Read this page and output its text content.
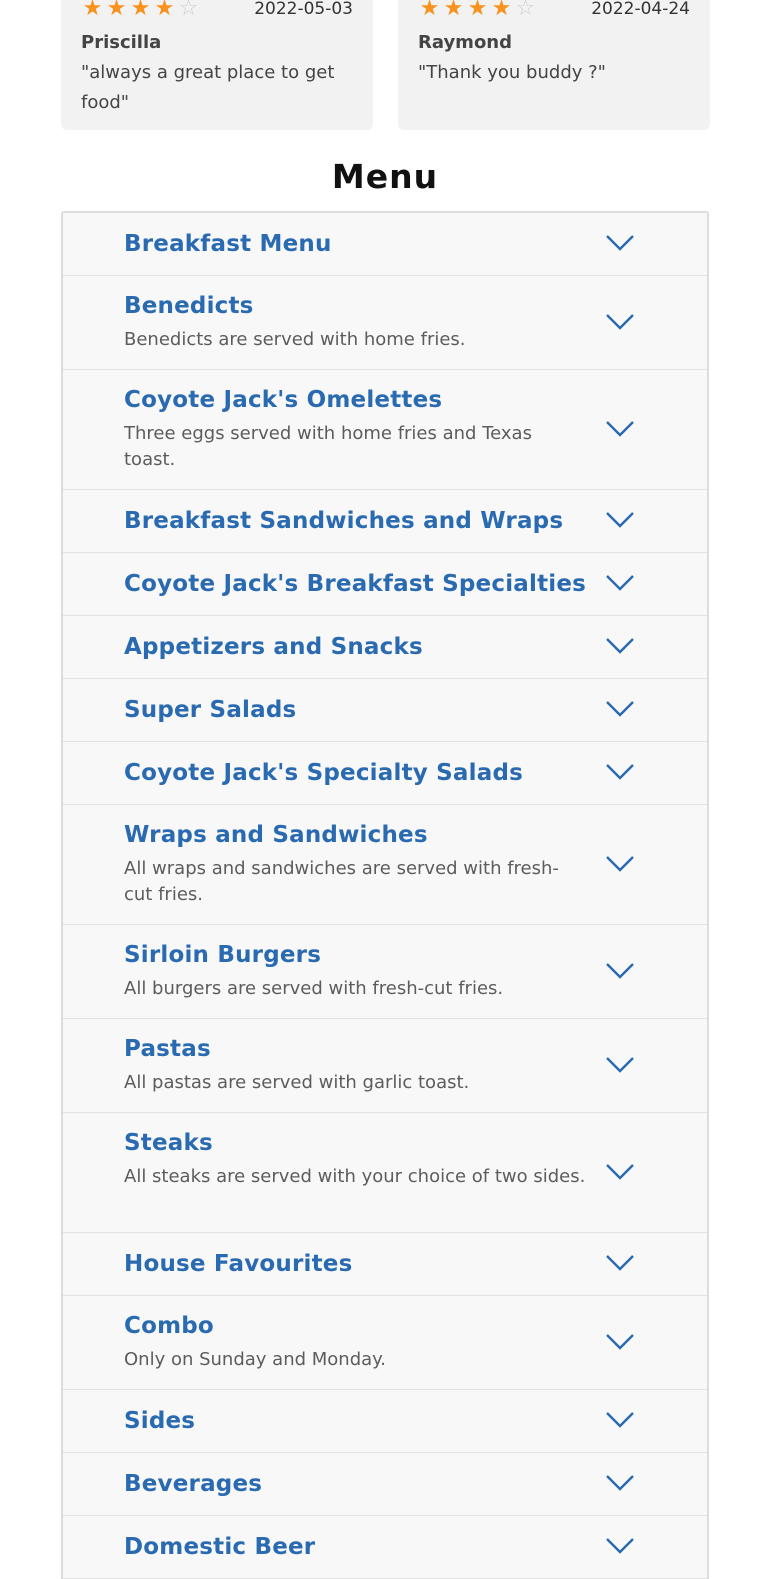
★ ★ ★ ★ ☆	2022-05-03
Priscilla
"always a great place to get food"
★ ★ ★ ★ ☆	2022-04-24
Raymond
"Thank you buddy ?"
Menu
Breakfast Menu
Benedicts
Benedicts are served with home fries.
Coyote Jack's Omelettes
Three eggs served with home fries and Texas toast.
Breakfast Sandwiches and Wraps
Coyote Jack's Breakfast Specialties
Appetizers and Snacks
Super Salads
Coyote Jack's Specialty Salads
Wraps and Sandwiches
All wraps and sandwiches are served with fresh-cut fries.
Sirloin Burgers
All burgers are served with fresh-cut fries.
Pastas
All pastas are served with garlic toast.
Steaks
All steaks are served with your choice of two sides.
House Favourites
Combo
Only on Sunday and Monday.
Sides
Beverages
Domestic Beer
